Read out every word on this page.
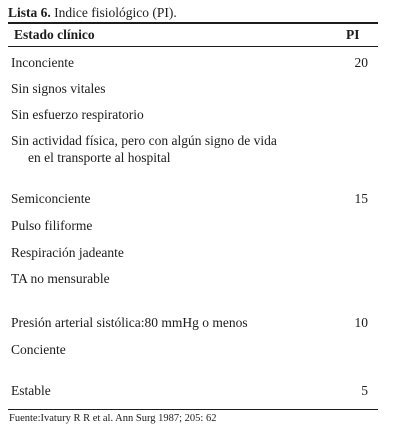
Lista 6. Indice fisiológico (PI).
Estado clínico	PI
Inconciente	20
Sin signos vitales
Sin esfuerzo respiratorio
Sin actividad física, pero con algún signo de vida
en el transporte al hospital
Semiconciente	15
Pulso filiforme
Respiración jadeante
TA no mensurable
Presión arterial sistólica:80 mmHg o menos	10
Conciente
Estable	5
Fuente:Ivatury R R et al. Ann Surg 1987; 205: 62
